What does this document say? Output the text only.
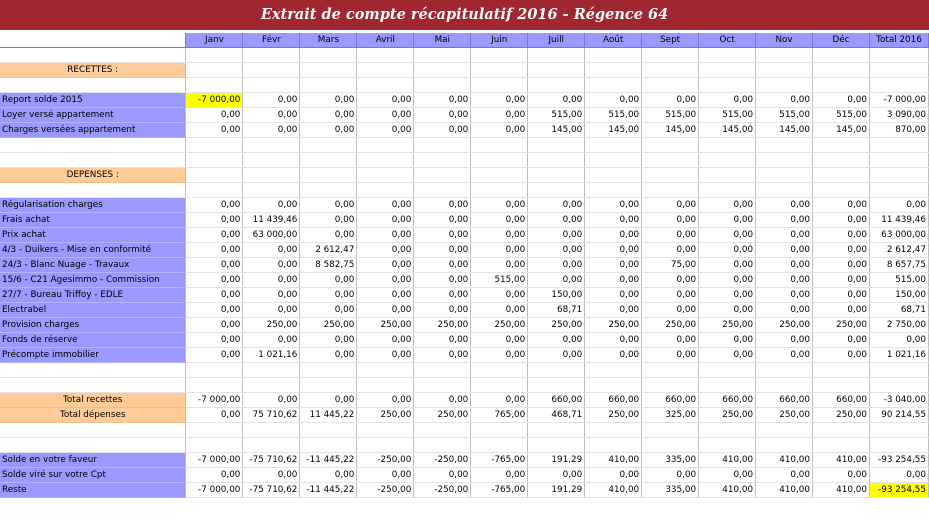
Extrait de compte récapitulatif 2016 - Régence 64
	Janv	Févr	Mars	Avril	Mai	Juin	Juill	Août	Sept	Oct	Nov	Déc	Total 2016

RECETTES :													

Report solde 2015	-7 000,00	0,00	0,00	0,00	0,00	0,00	0,00	0,00	0,00	0,00	0,00	0,00	-7 000,00
Loyer versé appartement	0,00	0,00	0,00	0,00	0,00	0,00	515,00	515,00	515,00	515,00	515,00	515,00	3 090,00
Charges versées appartement	0,00	0,00	0,00	0,00	0,00	0,00	145,00	145,00	145,00	145,00	145,00	145,00	870,00

DEPENSES :													

Régularisation charges	0,00	0,00	0,00	0,00	0,00	0,00	0,00	0,00	0,00	0,00	0,00	0,00	0,00
Frais achat	0,00	11 439,46	0,00	0,00	0,00	0,00	0,00	0,00	0,00	0,00	0,00	0,00	11 439,46
Prix achat	0,00	63 000,00	0,00	0,00	0,00	0,00	0,00	0,00	0,00	0,00	0,00	0,00	63 000,00
4/3 - Duikers - Mise en conformité	0,00	0,00	2 612,47	0,00	0,00	0,00	0,00	0,00	0,00	0,00	0,00	0,00	2 612,47
24/3 - Blanc Nuage - Travaux	0,00	0,00	8 582,75	0,00	0,00	0,00	0,00	0,00	75,00	0,00	0,00	0,00	8 657,75
15/6 - C21 Agesimmo - Commission	0,00	0,00	0,00	0,00	0,00	515,00	0,00	0,00	0,00	0,00	0,00	0,00	515,00
27/7 - Bureau Triffoy - EDLE	0,00	0,00	0,00	0,00	0,00	0,00	150,00	0,00	0,00	0,00	0,00	0,00	150,00
Electrabel	0,00	0,00	0,00	0,00	0,00	0,00	68,71	0,00	0,00	0,00	0,00	0,00	68,71
Provision charges	0,00	250,00	250,00	250,00	250,00	250,00	250,00	250,00	250,00	250,00	250,00	250,00	2 750,00
Fonds de réserve	0,00	0,00	0,00	0,00	0,00	0,00	0,00	0,00	0,00	0,00	0,00	0,00	0,00
Précompte immobilier	0,00	1 021,16	0,00	0,00	0,00	0,00	0,00	0,00	0,00	0,00	0,00	0,00	1 021,16

Total recettes	-7 000,00	0,00	0,00	0,00	0,00	0,00	660,00	660,00	660,00	660,00	660,00	660,00	-3 040,00
Total dépenses	0,00	75 710,62	11 445,22	250,00	250,00	765,00	468,71	250,00	325,00	250,00	250,00	250,00	90 214,55

Solde en votre faveur	-7 000,00	-75 710,62	-11 445,22	-250,00	-250,00	-765,00	191,29	410,00	335,00	410,00	410,00	410,00	-93 254,55
Solde viré sur votre Cpt	0,00	0,00	0,00	0,00	0,00	0,00	0,00	0,00	0,00	0,00	0,00	0,00	0,00
Reste	-7 000,00	-75 710,62	-11 445,22	-250,00	-250,00	-765,00	191,29	410,00	335,00	410,00	410,00	410,00	-93 254,55
